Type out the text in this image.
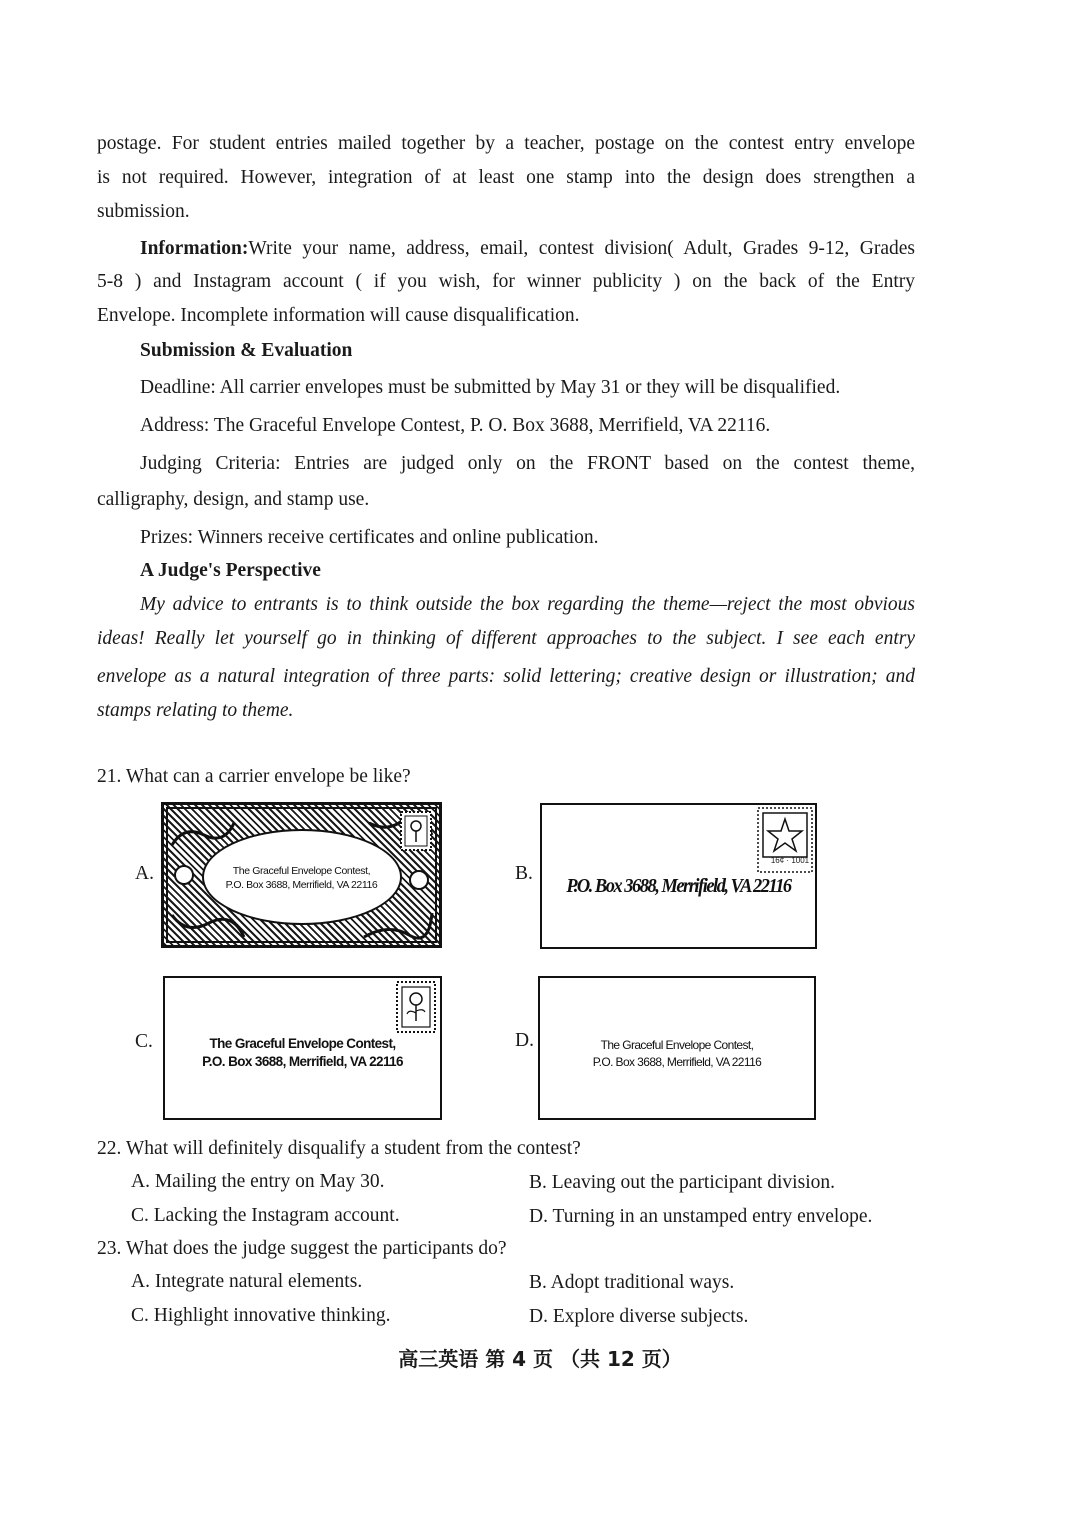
postage. For student entries mailed together by a teacher, postage on the contest entry envelope
is not required. However, integration of at least one stamp into the design does strengthen a
submission.
Information:Write your name, address, email, contest division( Adult, Grades 9-12, Grades
5-8 ) and Instagram account ( if you wish, for winner publicity ) on the back of the Entry
Envelope. Incomplete information will cause disqualification.
Submission & Evaluation
Deadline: All carrier envelopes must be submitted by May 31 or they will be disqualified.
Address: The Graceful Envelope Contest, P. O. Box 3688, Merrifield, VA 22116.
Judging Criteria: Entries are judged only on the FRONT based on the contest theme,
calligraphy, design, and stamp use.
Prizes: Winners receive certificates and online publication.
A Judge's Perspective
My advice to entrants is to think outside the box regarding the theme—reject the most obvious
ideas! Really let yourself go in thinking of different approaches to the subject. I see each entry
envelope as a natural integration of three parts: solid lettering; creative design or illustration; and
stamps relating to theme.
21. What can a carrier envelope be like?
A.	The Graceful Envelope Contest,
P.O. Box 3688, Merrifield, VA 22116
B.
16¢ · 1001
P.O. Box 3688, Merrifield, VA 22116
C.	The Graceful Envelope Contest,
P.O. Box 3688, Merrifield, VA 22116
D.	The Graceful Envelope Contest,
P.O. Box 3688, Merrifield, VA 22116
22. What will definitely disqualify a student from the contest?
A. Mailing the entry on May 30.	B. Leaving out the participant division.
C. Lacking the Instagram account.	D. Turning in an unstamped entry envelope.
23. What does the judge suggest the participants do?
A. Integrate natural elements.	B. Adopt traditional ways.
C. Highlight innovative thinking.	D. Explore diverse subjects.
高三英语 第 4 页 （共 12 页）
